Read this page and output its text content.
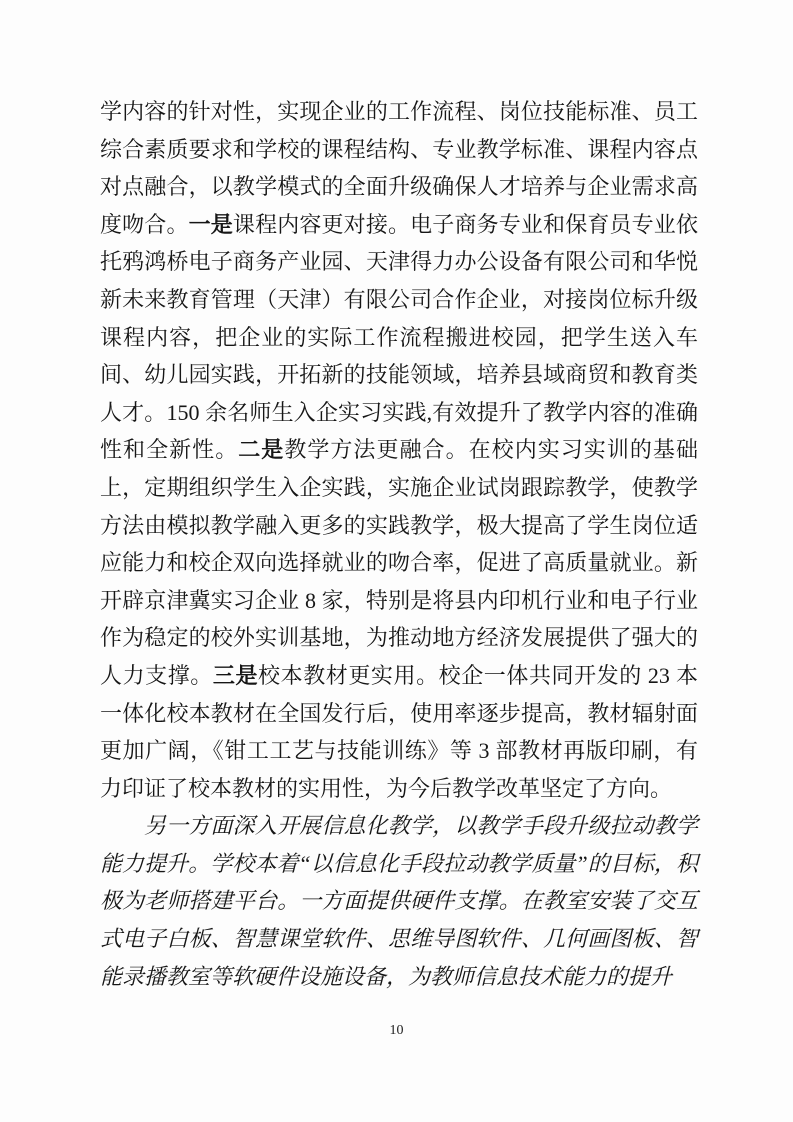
学内容的针对性，实现企业的工作流程、岗位技能标准、员工综合素质要求和学校的课程结构、专业教学标准、课程内容点对点融合，以教学模式的全面升级确保人才培养与企业需求高度吻合。一是课程内容更对接。电子商务专业和保育员专业依托鸦鸿桥电子商务产业园、天津得力办公设备有限公司和华悦新未来教育管理（天津）有限公司合作企业，对接岗位标升级课程内容，把企业的实际工作流程搬进校园，把学生送入车间、幼儿园实践，开拓新的技能领域，培养县域商贸和教育类人才。150 余名师生入企实习实践,有效提升了教学内容的准确性和全新性。二是教学方法更融合。在校内实习实训的基础上，定期组织学生入企实践，实施企业试岗跟踪教学，使教学方法由模拟教学融入更多的实践教学，极大提高了学生岗位适应能力和校企双向选择就业的吻合率，促进了高质量就业。新开辟京津冀实习企业 8 家，特别是将县内印机行业和电子行业作为稳定的校外实训基地，为推动地方经济发展提供了强大的人力支撑。三是校本教材更实用。校企一体共同开发的 23 本一体化校本教材在全国发行后，使用率逐步提高，教材辐射面更加广阔，《钳工工艺与技能训练》等 3 部教材再版印刷，有力印证了校本教材的实用性，为今后教学改革坚定了方向。

另一方面深入开展信息化教学，以教学手段升级拉动教学能力提升。学校本着“以信息化手段拉动教学质量”的目标，积极为老师搭建平台。一方面提供硬件支撑。在教室安装了交互式电子白板、智慧课堂软件、思维导图软件、几何画图板、智能录播教室等软硬件设施设备，为教师信息技术能力的提升

10
